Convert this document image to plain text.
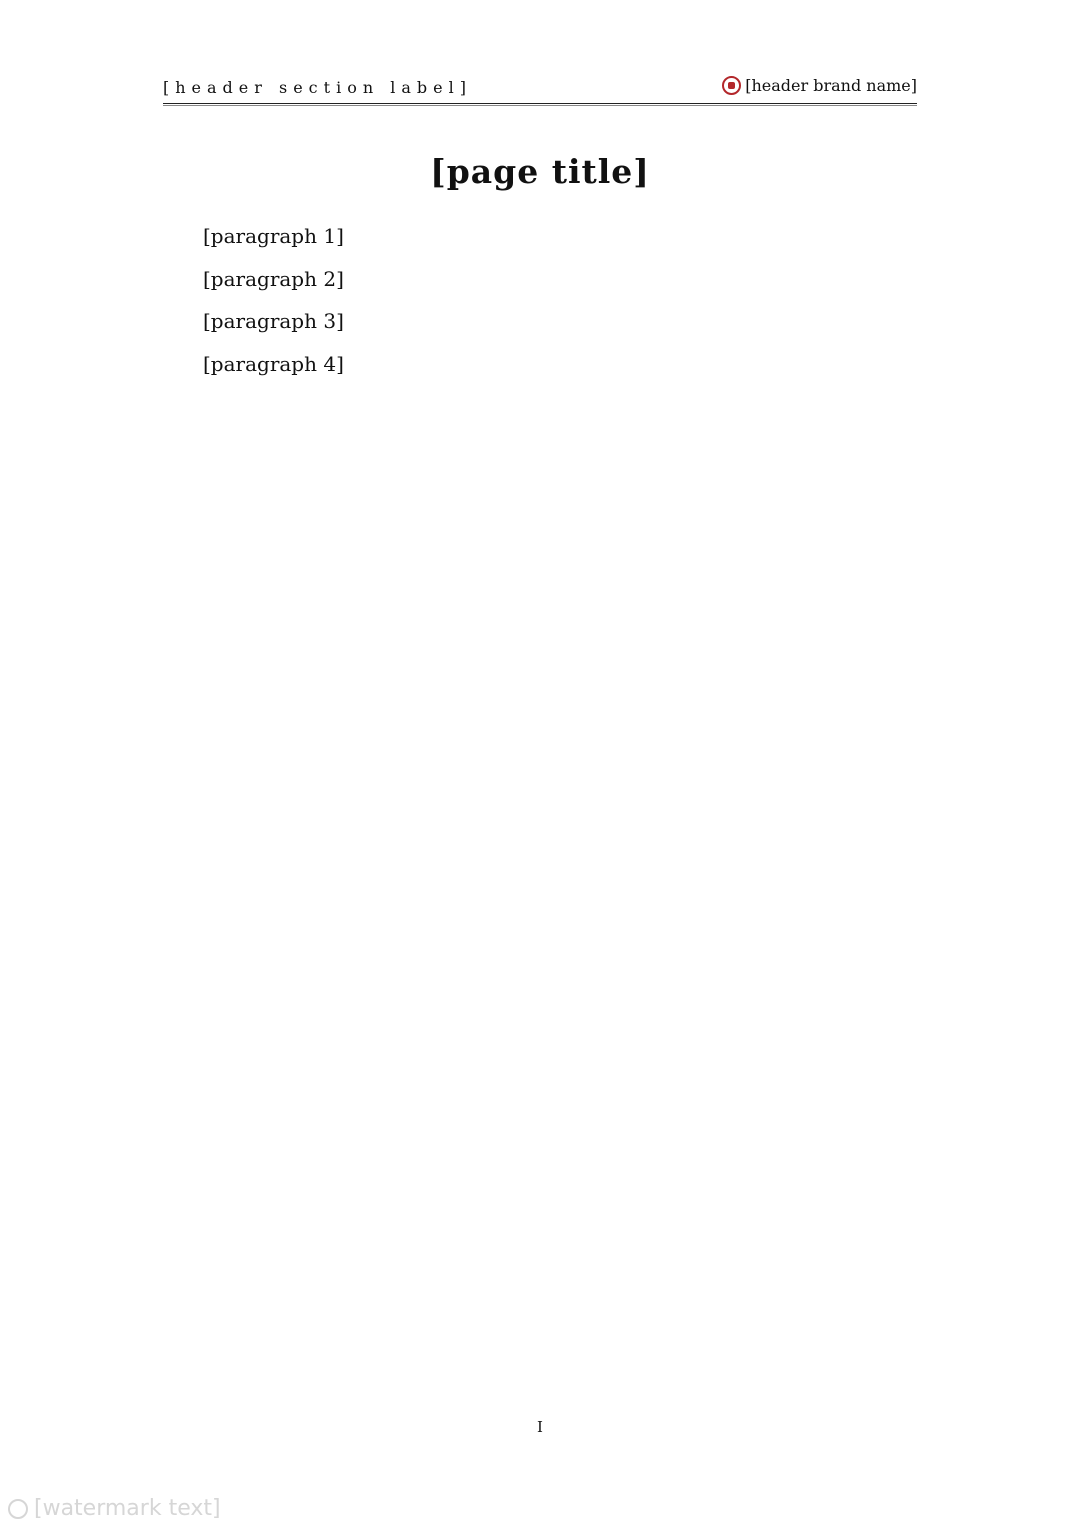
[header section label]	[header brand name]
[page title]

[paragraph 1]

[paragraph 2]

[paragraph 3]

[paragraph 4]

I
[watermark text]
